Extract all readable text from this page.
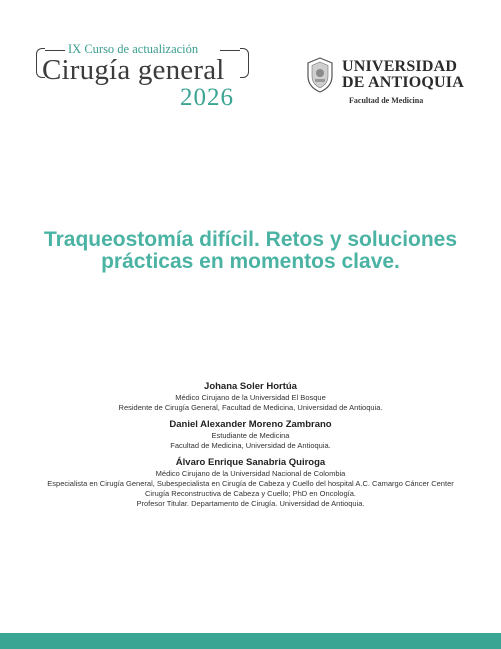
IX Curso de actualización
Cirugía general
2026
UNIVERSIDAD
DE ANTIOQUIA
Facultad de Medicina
Traqueostomía difícil. Retos y soluciones
prácticas en momentos clave.
Johana Soler Hortúa
Médico Cirujano de la Universidad El Bosque
Residente de Cirugía General, Facultad de Medicina, Universidad de Antioquia.
Daniel Alexander Moreno Zambrano
Estudiante de Medicina
Facultad de Medicina, Universidad de Antioquia.
Álvaro Enrique Sanabria Quiroga
Médico Cirujano de la Universidad Nacional de Colombia
Especialista en Cirugía General, Subespecialista en Cirugía de Cabeza y Cuello del hospital A.C. Camargo Cáncer Center
Cirugía Reconstructiva de Cabeza y Cuello; PhD en Oncología.
Profesor Titular. Departamento de Cirugía. Universidad de Antioquia.
